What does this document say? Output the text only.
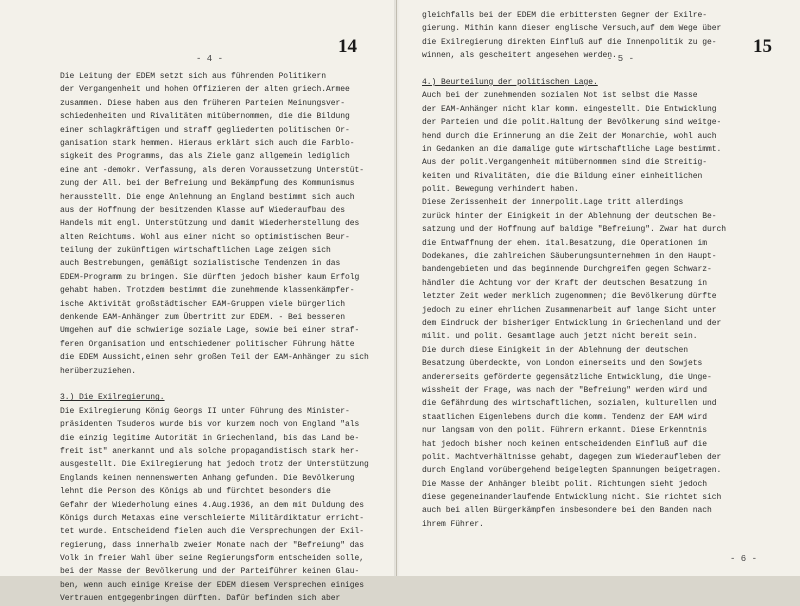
- 4 -
14
Die Leitung der EDEM setzt sich aus führenden Politikern
der Vergangenheit und hohen Offizieren der alten griech.Armee
zusammen. Diese haben aus den früheren Parteien Meinungsver-
schiedenheiten und Rivalitäten mitübernommen, die die Bildung
einer schlagkräftigen und straff gegliederten politischen Or-
ganisation stark hemmen. Hieraus erklärt sich auch die Farblo-
sigkeit des Programms, das als Ziele ganz allgemein lediglich
eine ant -demokr. Verfassung, als deren Voraussetzung Unterstüt-
zung der All. bei der Befreiung und Bekämpfung des Kommunismus
herausstellt. Die enge Anlehnung an England bestimmt sich auch
aus der Hoffnung der besitzenden Klasse auf Wiederaufbau des
Handels mit engl. Unterstützung und damit Wiederherstellung des
alten Reichtums. Wohl aus einer nicht so optimistischen Beur-
teilung der zukünftigen wirtschaftlichen Lage zeigen sich
auch Bestrebungen, gemäßigt sozialistische Tendenzen in das
EDEM-Programm zu bringen. Sie dürften jedoch bisher kaum Erfolg
gehabt haben. Trotzdem bestimmt die zunehmende klassenkämpfer-
ische Aktivität großstädtischer EAM-Gruppen viele bürgerlich
denkende EAM-Anhänger zum Übertritt zur EDEM. - Bei besseren
Umgehen auf die schwierige soziale Lage, sowie bei einer straf-
feren Organisation und entschiedener politischer Führung hätte
die EDEM Aussicht,einen sehr großen Teil der EAM-Anhänger zu sich
herüberzuziehen.
3.) Die Exilregierung.
Die Exilregierung König Georgs II unter Führung des Minister-
präsidenten Tsuderos wurde bis vor kurzem noch von England "als
die einzig legitime Autorität in Griechenland, bis das Land be-
freit ist" anerkannt und als solche propagandistisch stark her-
ausgestellt. Die Exilregierung hat jedoch trotz der Unterstützung
Englands keinen nennenswerten Anhang gefunden. Die Bevölkerung
lehnt die Person des Königs ab und fürchtet besonders die
Gefahr der Wiederholung eines 4.Aug.1936, an dem mit Duldung des
Königs durch Metaxas eine verschleierte Militärdiktatur erricht-
tet wurde. Entscheidend fielen auch die Versprechungen der Exil-
regierung, dass innerhalb zweier Monate nach der "Befreiung" das
Volk in freier Wahl über seine Regierungsform entscheiden solle,
bei der Masse der Bevölkerung und der Parteiführer keinen Glau-
ben, wenn auch einige Kreise der EDEM diesem Versprechen einiges
Vertrauen entgegenbringen dürften. Dafür befinden sich aber
- 5 -
15
gleichfalls bei der EDEM die erbittersten Gegner der Exilre-
gierung. Mithin kann dieser englische Versuch,auf dem Wege über
die Exilregierung direkten Einfluß auf die Innenpolitik zu ge-
winnen, als gescheitert angesehen werden.
4.) Beurteilung der politischen Lage.
Auch bei der zunehmenden sozialen Not ist selbst die Masse
der EAM-Anhänger nicht klar komm. eingestellt. Die Entwicklung
der Parteien und die polit.Haltung der Bevölkerung sind weitge-
hend durch die Erinnerung an die Zeit der Monarchie, wohl auch
in Gedanken an die damalige gute wirtschaftliche Lage bestimmt.
Aus der polit.Vergangenheit mitübernommen sind die Streitig-
keiten und Rivalitäten, die die Bildung einer einheitlichen
polit. Bewegung verhindert haben.
Diese Zerissenheit der innerpolit.Lage tritt allerdings
zurück hinter der Einigkeit in der Ablehnung der deutschen Be-
satzung und der Hoffnung auf baldige "Befreiung". Zwar hat durch
die Entwaffnung der ehem. ital.Besatzung, die Operationen im
Dodekanes, die zahlreichen Säuberungsunternehmen in den Haupt-
bandengebieten und das beginnende Durchgreifen gegen Schwarz-
händler die Achtung vor der Kraft der deutschen Besatzung in
letzter Zeit weder merklich zugenommen; die Bevölkerung dürfte
jedoch zu einer ehrlichen Zusammenarbeit auf lange Sicht unter
dem Eindruck der bisheriger Entwicklung in Griechenland und der
milit. und polit. Gesamtlage auch jetzt nicht bereit sein.
Die durch diese Einigkeit in der Ablehnung der deutschen
Besatzung überdeckte, von London einerseits und den Sowjets
andererseits geförderte gegensätzliche Entwicklung, die Unge-
wissheit der Frage, was nach der "Befreiung" werden wird und
die Gefährdung des wirtschaftlichen, sozialen, kulturellen und
staatlichen Eigenlebens durch die komm. Tendenz der EAM wird
nur langsam von den polit. Führern erkannt. Diese Erkenntnis
hat jedoch bisher noch keinen entscheidenden Einfluß auf die
polit. Machtverhältnisse gehabt, dagegen zum Wiederaufleben der
durch England vorübergehend beigelegten Spannungen beigetragen.
Die Masse der Anhänger bleibt polit. Richtungen sieht jedoch
diese gegeneinanderlaufende Entwicklung nicht. Sie richtet sich
auch bei allen Bürgerkämpfen insbesondere bei den Banden nach
ihrem Führer.
- 6 -
